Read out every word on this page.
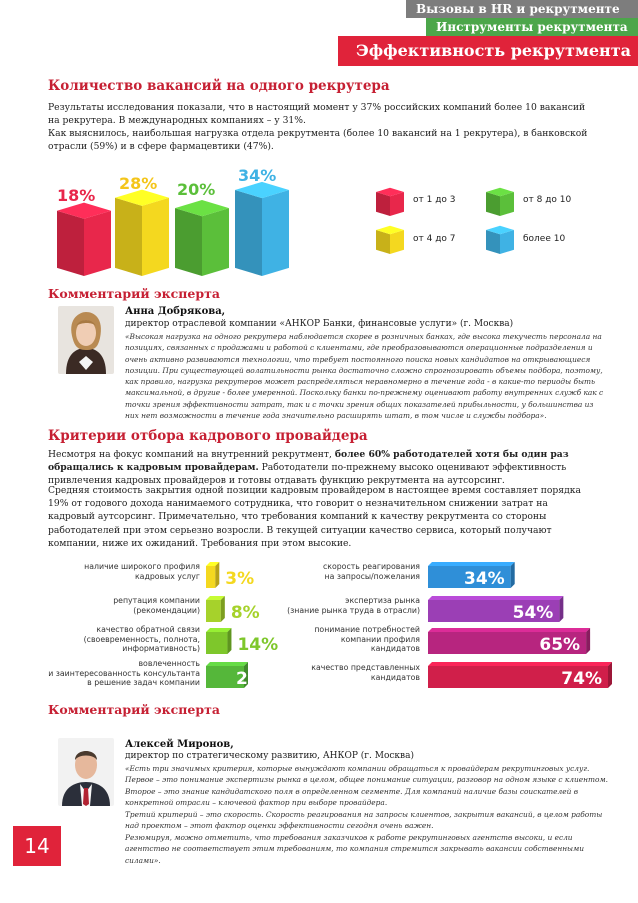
Вызовы в HR и рекрутменте
Инструменты рекрутмента
Эффективность рекрутмента
Количество вакансий на одного рекрутера
Результаты исследования показали, что в настоящий момент у 37% российских компаний более 10 вакансий на рекрутера. В международных компаниях – у 31%.
Как выяснилось, наибольшая нагрузка отдела рекрутмента (более 10 вакансий на 1 рекрутера), в банковской отрасли (59%) и в сфере фармацевтики (47%).
18%
28% 20%
34%
от 1 до 3	от 8 до 10
от 4 до 7	более 10
Комментарий эксперта
Анна Добрякова,
директор отраслевой компании «АНКОР Банки, финансовые услуги» (г. Москва)
«Высокая нагрузка на одного рекрутера наблюдается скорее в розничных банках, где высока текучесть персонала на позициях, связанных с продажами и работой с клиентами, где преобразовываются операционные подразделения и очень активно развиваются технологии, что требует постоянного поиска новых кандидатов на открывающиеся позиции. При существующей волатильности рынка достаточно сложно спрогнозировать объемы подбора, поэтому, как правило, нагрузка рекрутеров может распределяться неравномерно в течение года - в какие-то периоды быть максимальной, в другие - более умеренной. Поскольку банки по-прежнему оценивают работу внутренних служб как с точки зрения эффективности затрат, так и с точки зрения общих показателей прибыльности, у большинства из них нет возможности в течение года значительно расширять штат, в том числе и службы подбора».
Критерии отбора кадрового провайдера
Несмотря на фокус компаний на внутренний рекрутмент, более 60% работодателей хотя бы один раз обращались к кадровым провайдерам. Работодатели по-прежнему высоко оценивают эффективность привлечения кадровых провайдеров и готовы отдавать функцию рекрутмента на аутсорсинг.
Средняя стоимость закрытия одной позиции кадровым провайдером в настоящее время составляет порядка 19% от годового дохода нанимаемого сотрудника, что говорит о незначительном снижении затрат на кадровый аутсорсинг. Примечательно, что требования компаний к качеству рекрутмента со стороны работодателей при этом серьезно возросли. В текущей ситуации качество сервиса, который получают компании, ниже их ожиданий. Требования при этом высокие.
3%
8%
14%
29%
34%
54%
65%
74%
наличие широкого профиля
кадровых услуг
репутация компании
(рекомендации)
качество обратной связи
(своевременность, полнота,
информативность)
вовлеченность
и заинтересованность консультанта
в решение задач компании
скорость реагирования
на запросы/пожелания
экспертиза рынка
(знание рынка труда в отрасли)
понимание потребностей
компании профиля
кандидатов
качество представленных
кандидатов
Комментарий эксперта
Алексей Миронов,
директор по стратегическому развитию, АНКОР (г. Москва)
«Есть три значимых критерия, которые вынуждают компании обращаться к провайдерам рекрутинговых услуг. Первое – это понимание экспертизы рынка в целом, общее понимание ситуации, разговор на одном языке с клиентом.
Второе – это знание кандидатского поля в определенном сегменте. Для компаний наличие базы соискателей в конкретной отрасли – ключевой фактор при выборе провайдера.
Третий критерий – это скорость. Скорость реагирования на запросы клиентов, закрытия вакансий, в целом работы над проектом – этот фактор оценки эффективности сегодня очень важен.
Резюмируя, можно отметить, что требования заказчиков к работе рекрутинговых агентств высоки, и если агентство не соответствует этим требованиям, то компания стремится закрывать вакансии собственными силами».
14
